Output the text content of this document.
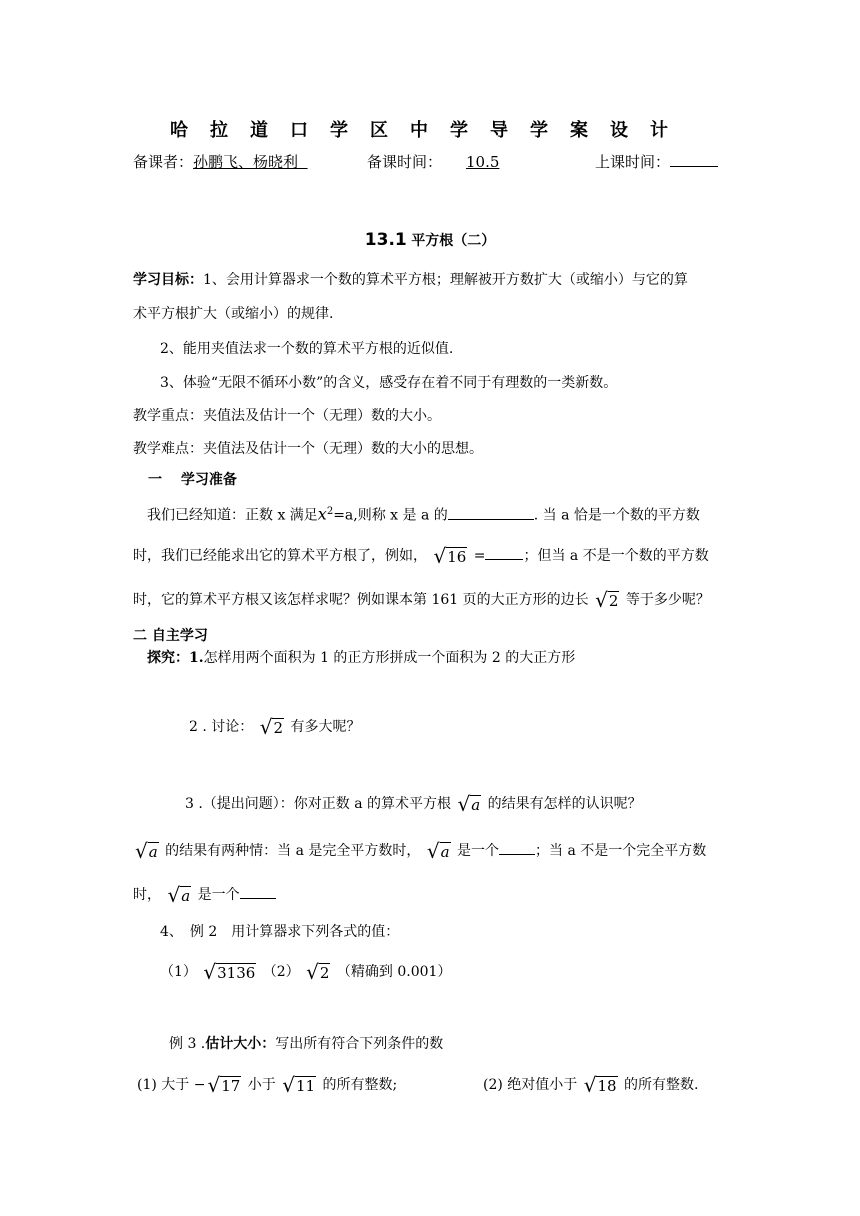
哈拉道口学区中学导学案设计
备课者：孙鹏飞、杨晓利	备课时间： 10.5	上课时间：
13.1 平方根（二）
学习目标：1、会用计算器求一个数的算术平方根；理解被开方数扩大（或缩小）与它的算
术平方根扩大（或缩小）的规律.
2、能用夹值法求一个数的算术平方根的近似值.
3、体验“无限不循环小数”的含义，感受存在着不同于有理数的一类新数。
教学重点：夹值法及估计一个（无理）数的大小。
教学难点：夹值法及估计一个（无理）数的大小的思想。
一　 学习准备
我们已经知道：正数 x 满足$x^2=a$,则称 x 是 a 的	. 当 a 恰是一个数的平方数
时，我们已经能求出它的算术平方根了，例如， √ 16 =	；但当 a 不是一个数的平方数
时，它的算术平方根又该怎样求呢？例如课本第 161 页的大正方形的边长 √ 2 等于多少呢？
二 自主学习
探究：1.怎样用两个面积为 1 的正方形拼成一个面积为 2 的大正方形
2 . 讨论： √ 2 有多大呢？
3 .（提出问题）：你对正数 a 的算术平方根 √ a 的结果有怎样的认识呢？
√ a 的结果有两种情：当 a 是完全平方数时， √ a 是一个	；当 a 不是一个完全平方数
时， √ a 是一个
4、　例 2　用计算器求下列各式的值：
（1） √ 3136 （2） √ 2 （精确到 0.001）
例 3 .估计大小：写出所有符合下列条件的数
(1) 大于 − √ 17 小于 √ 11 的所有整数;	(2) 绝对值小于 √ 18 的所有整数.
